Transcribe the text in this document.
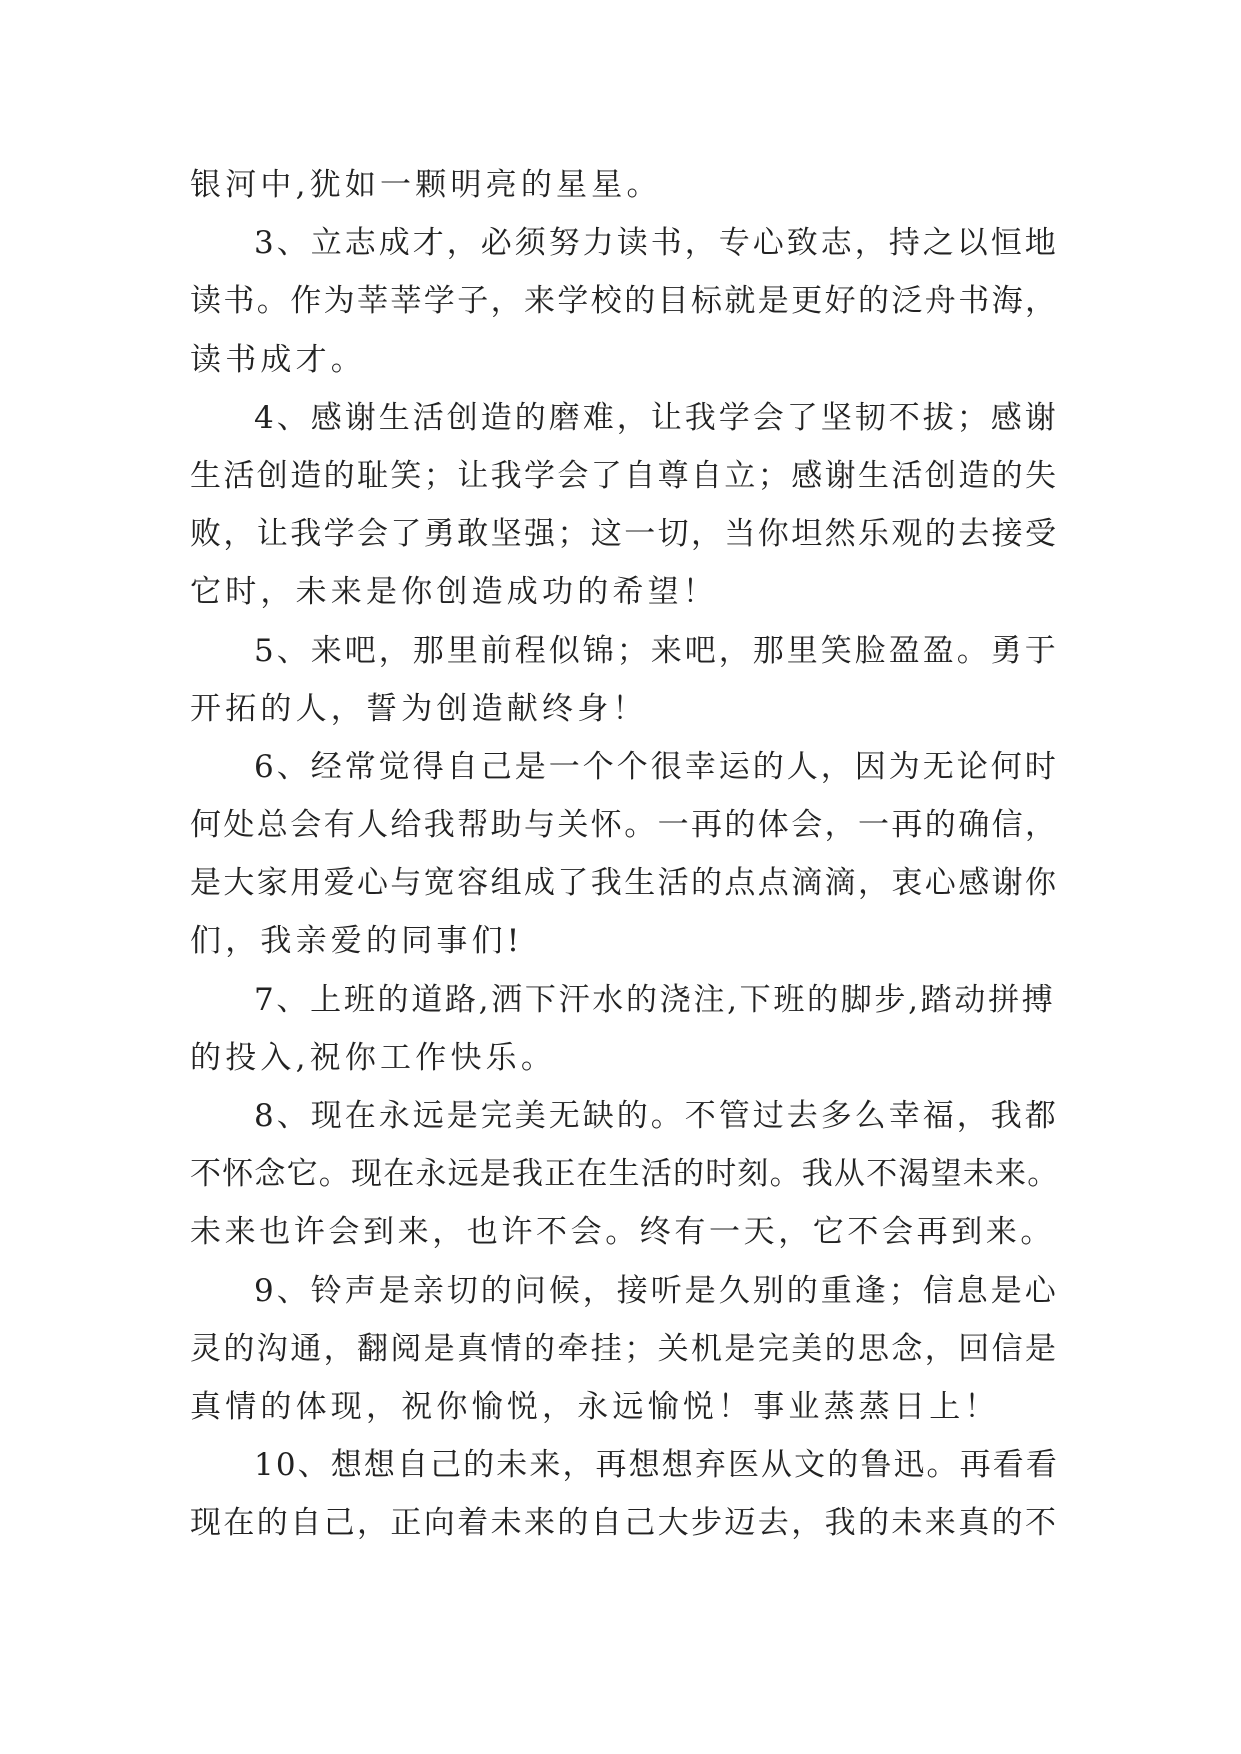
银河中,犹如一颗明亮的星星。
3、立志成才，必须努力读书，专心致志，持之以恒地
读书。作为莘莘学子，来学校的目标就是更好的泛舟书海，
读书成才。
4、感谢生活创造的磨难，让我学会了坚韧不拔；感谢
生活创造的耻笑；让我学会了自尊自立；感谢生活创造的失
败，让我学会了勇敢坚强；这一切，当你坦然乐观的去接受
它时，未来是你创造成功的希望！
5、来吧，那里前程似锦；来吧，那里笑脸盈盈。勇于
开拓的人，誓为创造献终身！
6、经常觉得自己是一个个很幸运的人，因为无论何时
何处总会有人给我帮助与关怀。一再的体会，一再的确信，
是大家用爱心与宽容组成了我生活的点点滴滴，衷心感谢你
们，我亲爱的同事们!
7、上班的道路,洒下汗水的浇注,下班的脚步,踏动拼搏
的投入,祝你工作快乐。
8、现在永远是完美无缺的。不管过去多么幸福，我都
不怀念它。现在永远是我正在生活的时刻。我从不渴望未来。
未来也许会到来，也许不会。终有一天，它不会再到来。
9、铃声是亲切的问候，接听是久别的重逢；信息是心
灵的沟通，翻阅是真情的牵挂；关机是完美的思念，回信是
真情的体现，祝你愉悦，永远愉悦！事业蒸蒸日上！
10、想想自己的未来，再想想弃医从文的鲁迅。再看看
现在的自己，正向着未来的自己大步迈去，我的未来真的不
